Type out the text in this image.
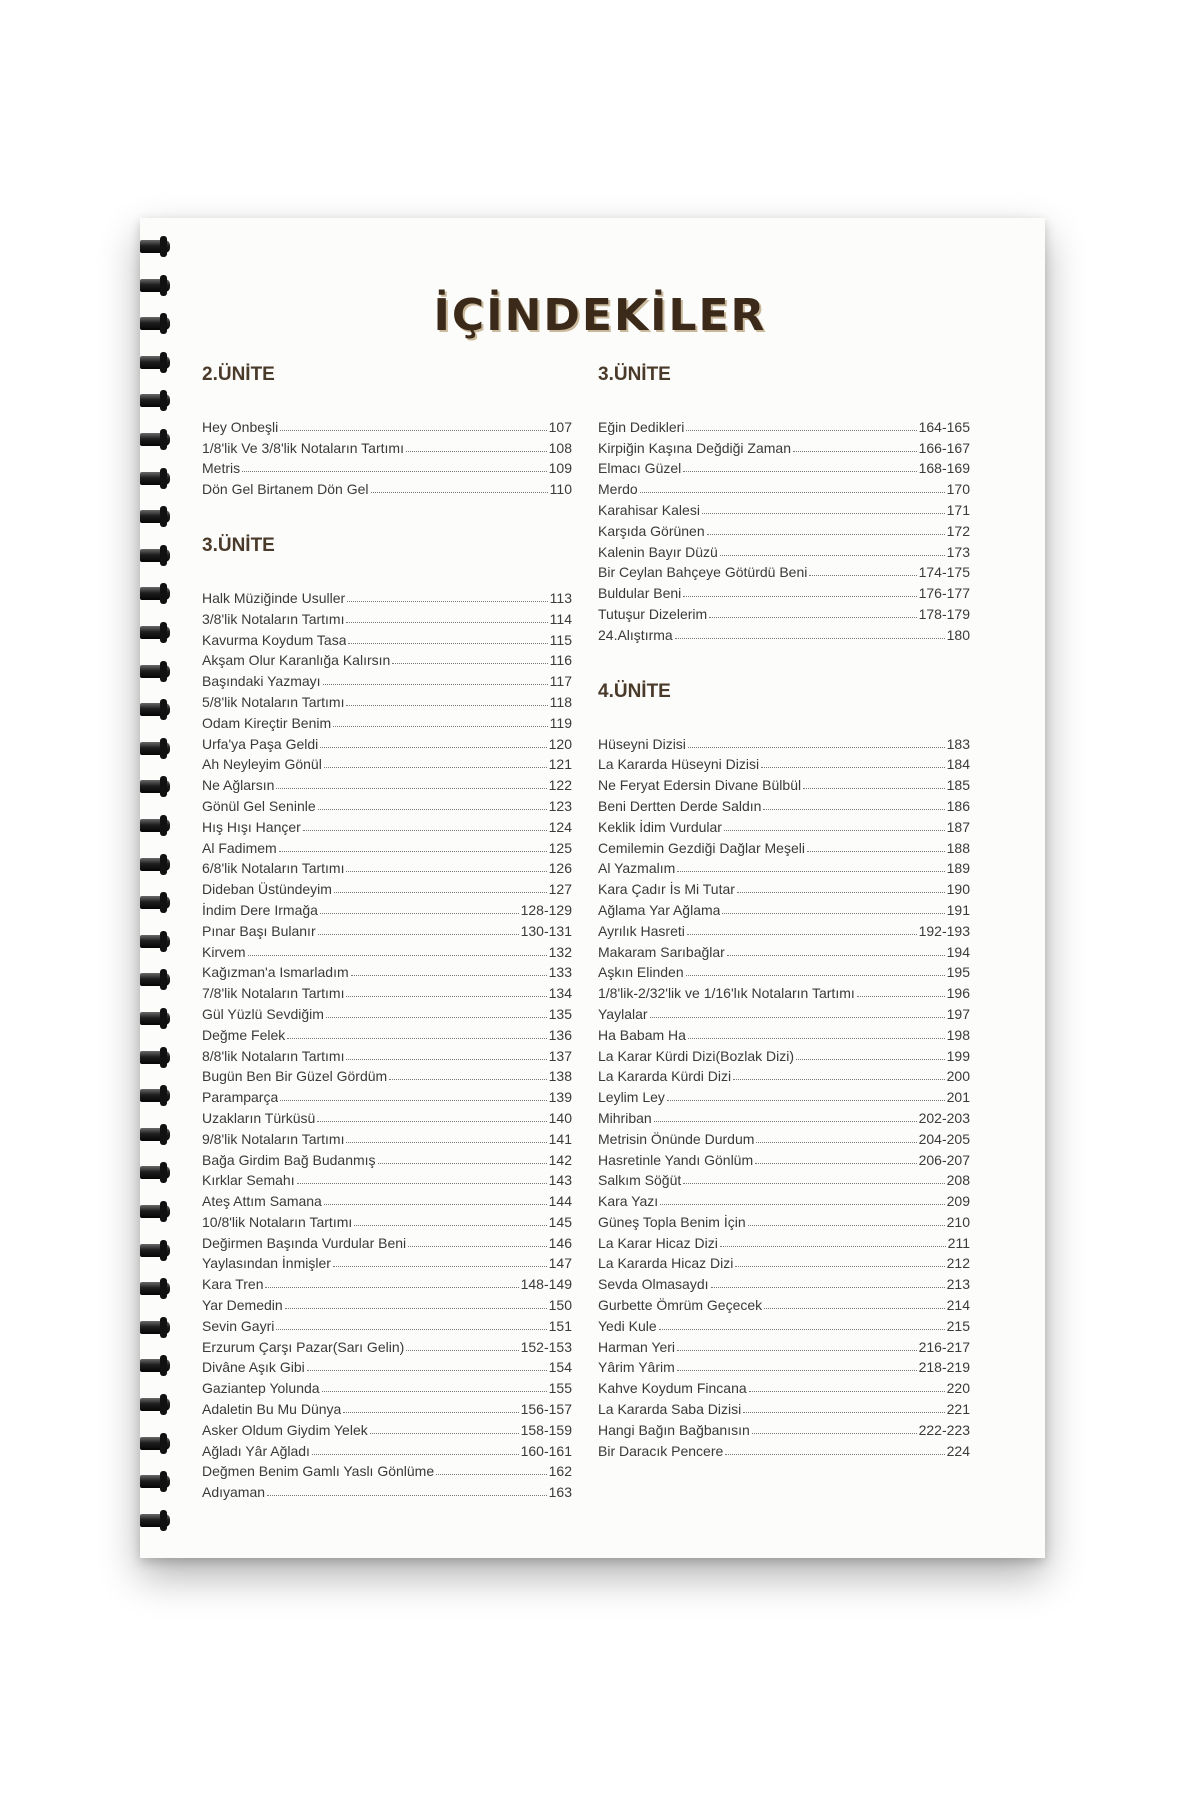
İÇİNDEKİLER
2.ÜNİTE
Hey Onbeşli	107
1/8'lik Ve 3/8'lik Notaların Tartımı	108
Metris	109
Dön Gel Birtanem Dön Gel	110
3.ÜNİTE
Halk Müziğinde Usuller	113
3/8'lik Notaların Tartımı	114
Kavurma Koydum Tasa	115
Akşam Olur Karanlığa Kalırsın	116
Başındaki Yazmayı	117
5/8'lik Notaların Tartımı	118
Odam Kireçtir Benim	119
Urfa'ya Paşa Geldi	120
Ah Neyleyim Gönül	121
Ne Ağlarsın	122
Gönül Gel Seninle	123
Hış Hışı Hançer	124
Al Fadimem	125
6/8'lik Notaların Tartımı	126
Dideban Üstündeyim	127
İndim Dere Irmağa	128-129
Pınar Başı Bulanır	130-131
Kirvem	132
Kağızman'a Ismarladım	133
7/8'lik Notaların Tartımı	134
Gül Yüzlü Sevdiğim	135
Değme Felek	136
8/8'lik Notaların Tartımı	137
Bugün Ben Bir Güzel Gördüm	138
Paramparça	139
Uzakların Türküsü	140
9/8'lik Notaların Tartımı	141
Bağa Girdim Bağ Budanmış	142
Kırklar Semahı	143
Ateş Attım Samana	144
10/8'lik Notaların Tartımı	145
Değirmen Başında Vurdular Beni	146
Yaylasından İnmişler	147
Kara Tren	148-149
Yar Demedin	150
Sevin Gayri	151
Erzurum Çarşı Pazar(Sarı Gelin)	152-153
Divâne Aşık Gibi	154
Gaziantep Yolunda	155
Adaletin Bu Mu Dünya	156-157
Asker Oldum Giydim Yelek	158-159
Ağladı Yâr Ağladı	160-161
Değmen Benim Gamlı Yaslı Gönlüme	162
Adıyaman	163
3.ÜNİTE
Eğin Dedikleri	164-165
Kirpiğin Kaşına Değdiği Zaman	166-167
Elmacı Güzel	168-169
Merdo	170
Karahisar Kalesi	171
Karşıda Görünen	172
Kalenin Bayır Düzü	173
Bir Ceylan Bahçeye Götürdü Beni	174-175
Buldular Beni	176-177
Tutuşur Dizelerim	178-179
24.Alıştırma	180
4.ÜNİTE
Hüseyni Dizisi	183
La Kararda Hüseyni Dizisi	184
Ne Feryat Edersin Divane Bülbül	185
Beni Dertten Derde Saldın	186
Keklik İdim Vurdular	187
Cemilemin Gezdiği Dağlar Meşeli	188
Al Yazmalım	189
Kara Çadır İs Mi Tutar	190
Ağlama Yar Ağlama	191
Ayrılık Hasreti	192-193
Makaram Sarıbağlar	194
Aşkın Elinden	195
1/8'lik-2/32'lik ve 1/16'lık Notaların Tartımı	196
Yaylalar	197
Ha Babam Ha	198
La Karar Kürdi Dizi(Bozlak Dizi)	199
La Kararda Kürdi Dizi	200
Leylim Ley	201
Mihriban	202-203
Metrisin Önünde Durdum	204-205
Hasretinle Yandı Gönlüm	206-207
Salkım Söğüt	208
Kara Yazı	209
Güneş Topla Benim İçin	210
La Karar Hicaz Dizi	211
La Kararda Hicaz Dizi	212
Sevda Olmasaydı	213
Gurbette Ömrüm Geçecek	214
Yedi Kule	215
Harman Yeri	216-217
Yârim Yârim	218-219
Kahve Koydum Fincana	220
La Kararda Saba Dizisi	221
Hangi Bağın Bağbanısın	222-223
Bir Daracık Pencere	224
